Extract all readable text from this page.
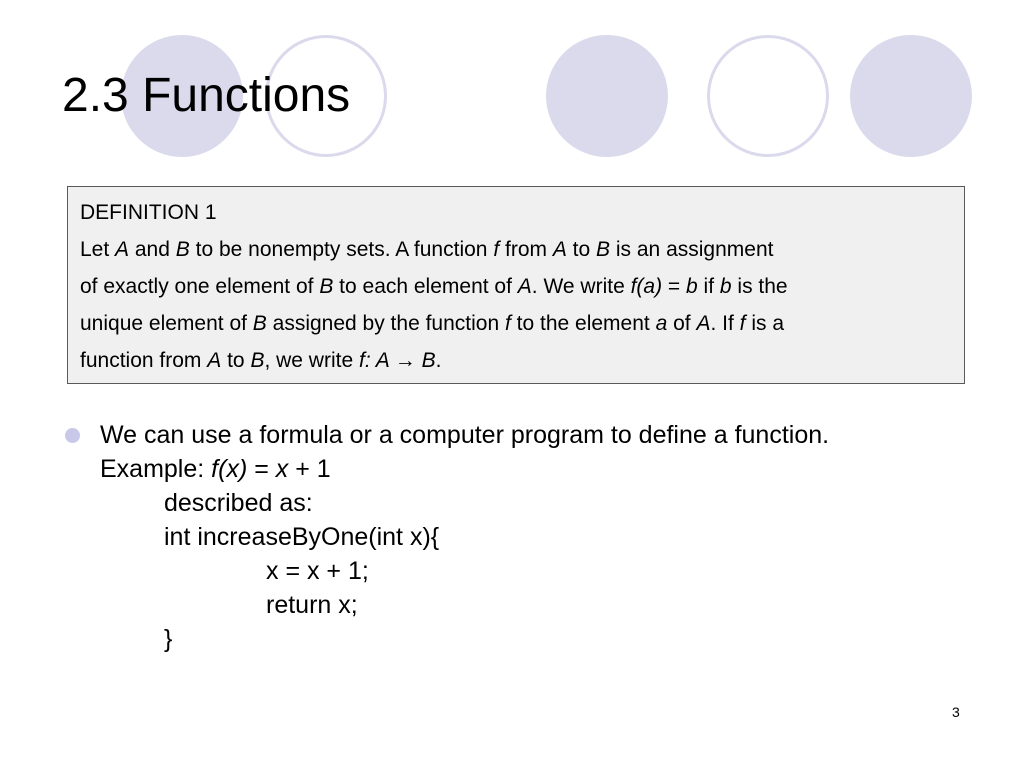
2.3 Functions
DEFINITION 1
Let A and B to be nonempty sets. A function f from A to B is an assignment
of exactly one element of B to each element of A. We write f(a) = b if b is the
unique element of B assigned by the function f to the element a of A. If f is a
function from A to B, we write f: A → B.
We can use a formula or a computer program to define a function.
Example: f(x) = x + 1
described as:
int increaseByOne(int x){
x = x + 1;
return x;
}
3
